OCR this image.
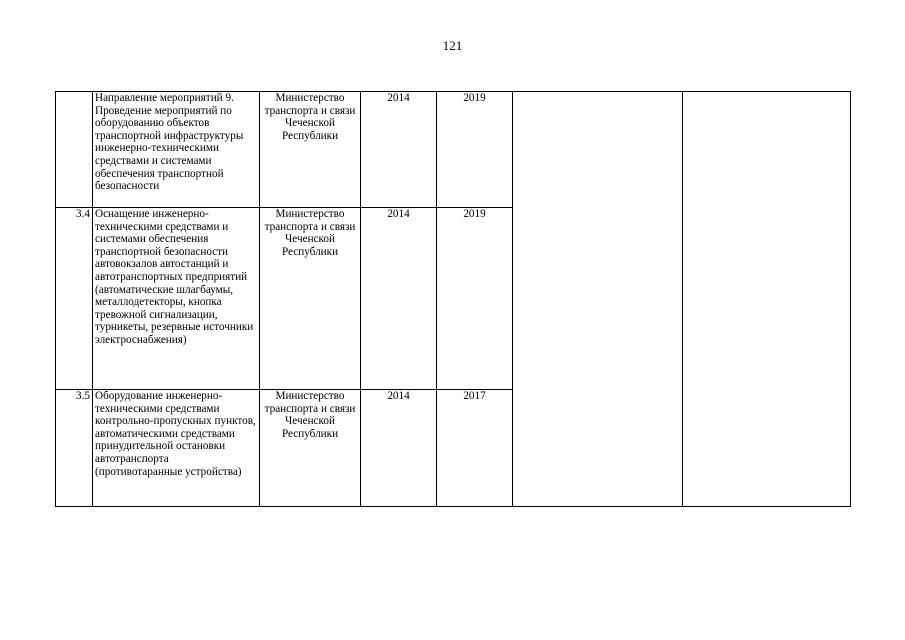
121
	Направление мероприятий 9. Проведение мероприятий по оборудованию объектов транспортной инфраструктуры инженерно-техническими средствами и системами обеспечения транспортной безопасности	Министерство транспорта и связи Чеченской Республики	2014	2019		
3.4	Оснащение инженерно-техническими средствами и системами обеспечения транспортной безопасности автовокзалов автостанций и автотранспортных предприятий (автоматические шлагбаумы, металлодетекторы, кнопка тревожной сигнализации, турникеты, резервные источники электроснабжения)	Министерство транспорта и связи Чеченской Республики	2014	2019		
3.5	Оборудование инженерно-техническими средствами контрольно-пропускных пунктов, автоматическими средствами принудительной остановки автотранспорта (противотаранные устройства)	Министерство транспорта и связи Чеченской Республики	2014	2017		
